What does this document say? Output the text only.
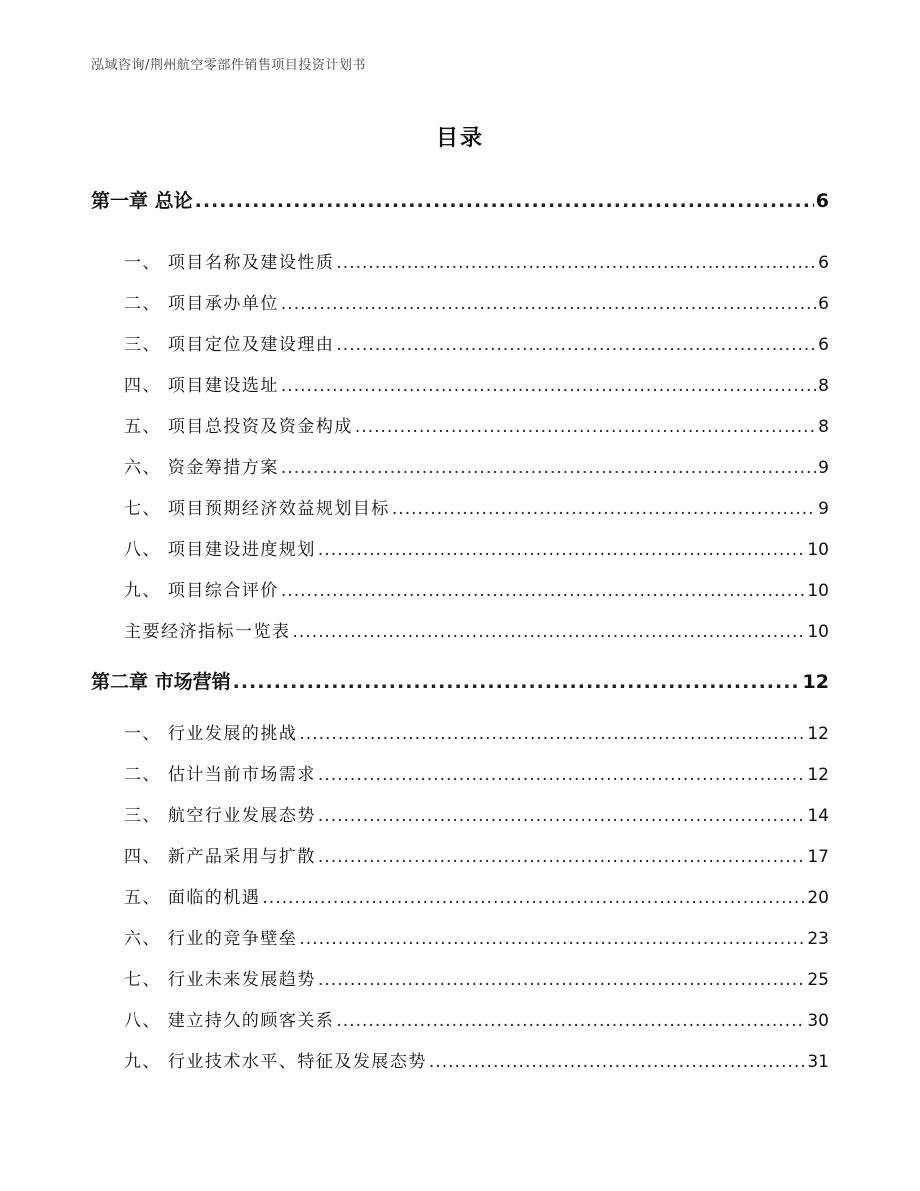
泓域咨询/荆州航空零部件销售项目投资计划书
目录
第一章 总论 .....	6
一、 项目名称及建设性质 .....	6
二、 项目承办单位 .....	6
三、 项目定位及建设理由 .....	6
四、 项目建设选址 .....	8
五、 项目总投资及资金构成 .....	8
六、 资金筹措方案 .....	9
七、 项目预期经济效益规划目标 .....	9
八、 项目建设进度规划 .....	10
九、 项目综合评价 .....	10
主要经济指标一览表 .....	10
第二章 市场营销 .....	12
一、 行业发展的挑战 .....	12
二、 估计当前市场需求 .....	12
三、 航空行业发展态势 .....	14
四、 新产品采用与扩散 .....	17
五、 面临的机遇 .....	20
六、 行业的竞争壁垒 .....	23
七、 行业未来发展趋势 .....	25
八、 建立持久的顾客关系 .....	30
九、 行业技术水平、特征及发展态势 .....	31
